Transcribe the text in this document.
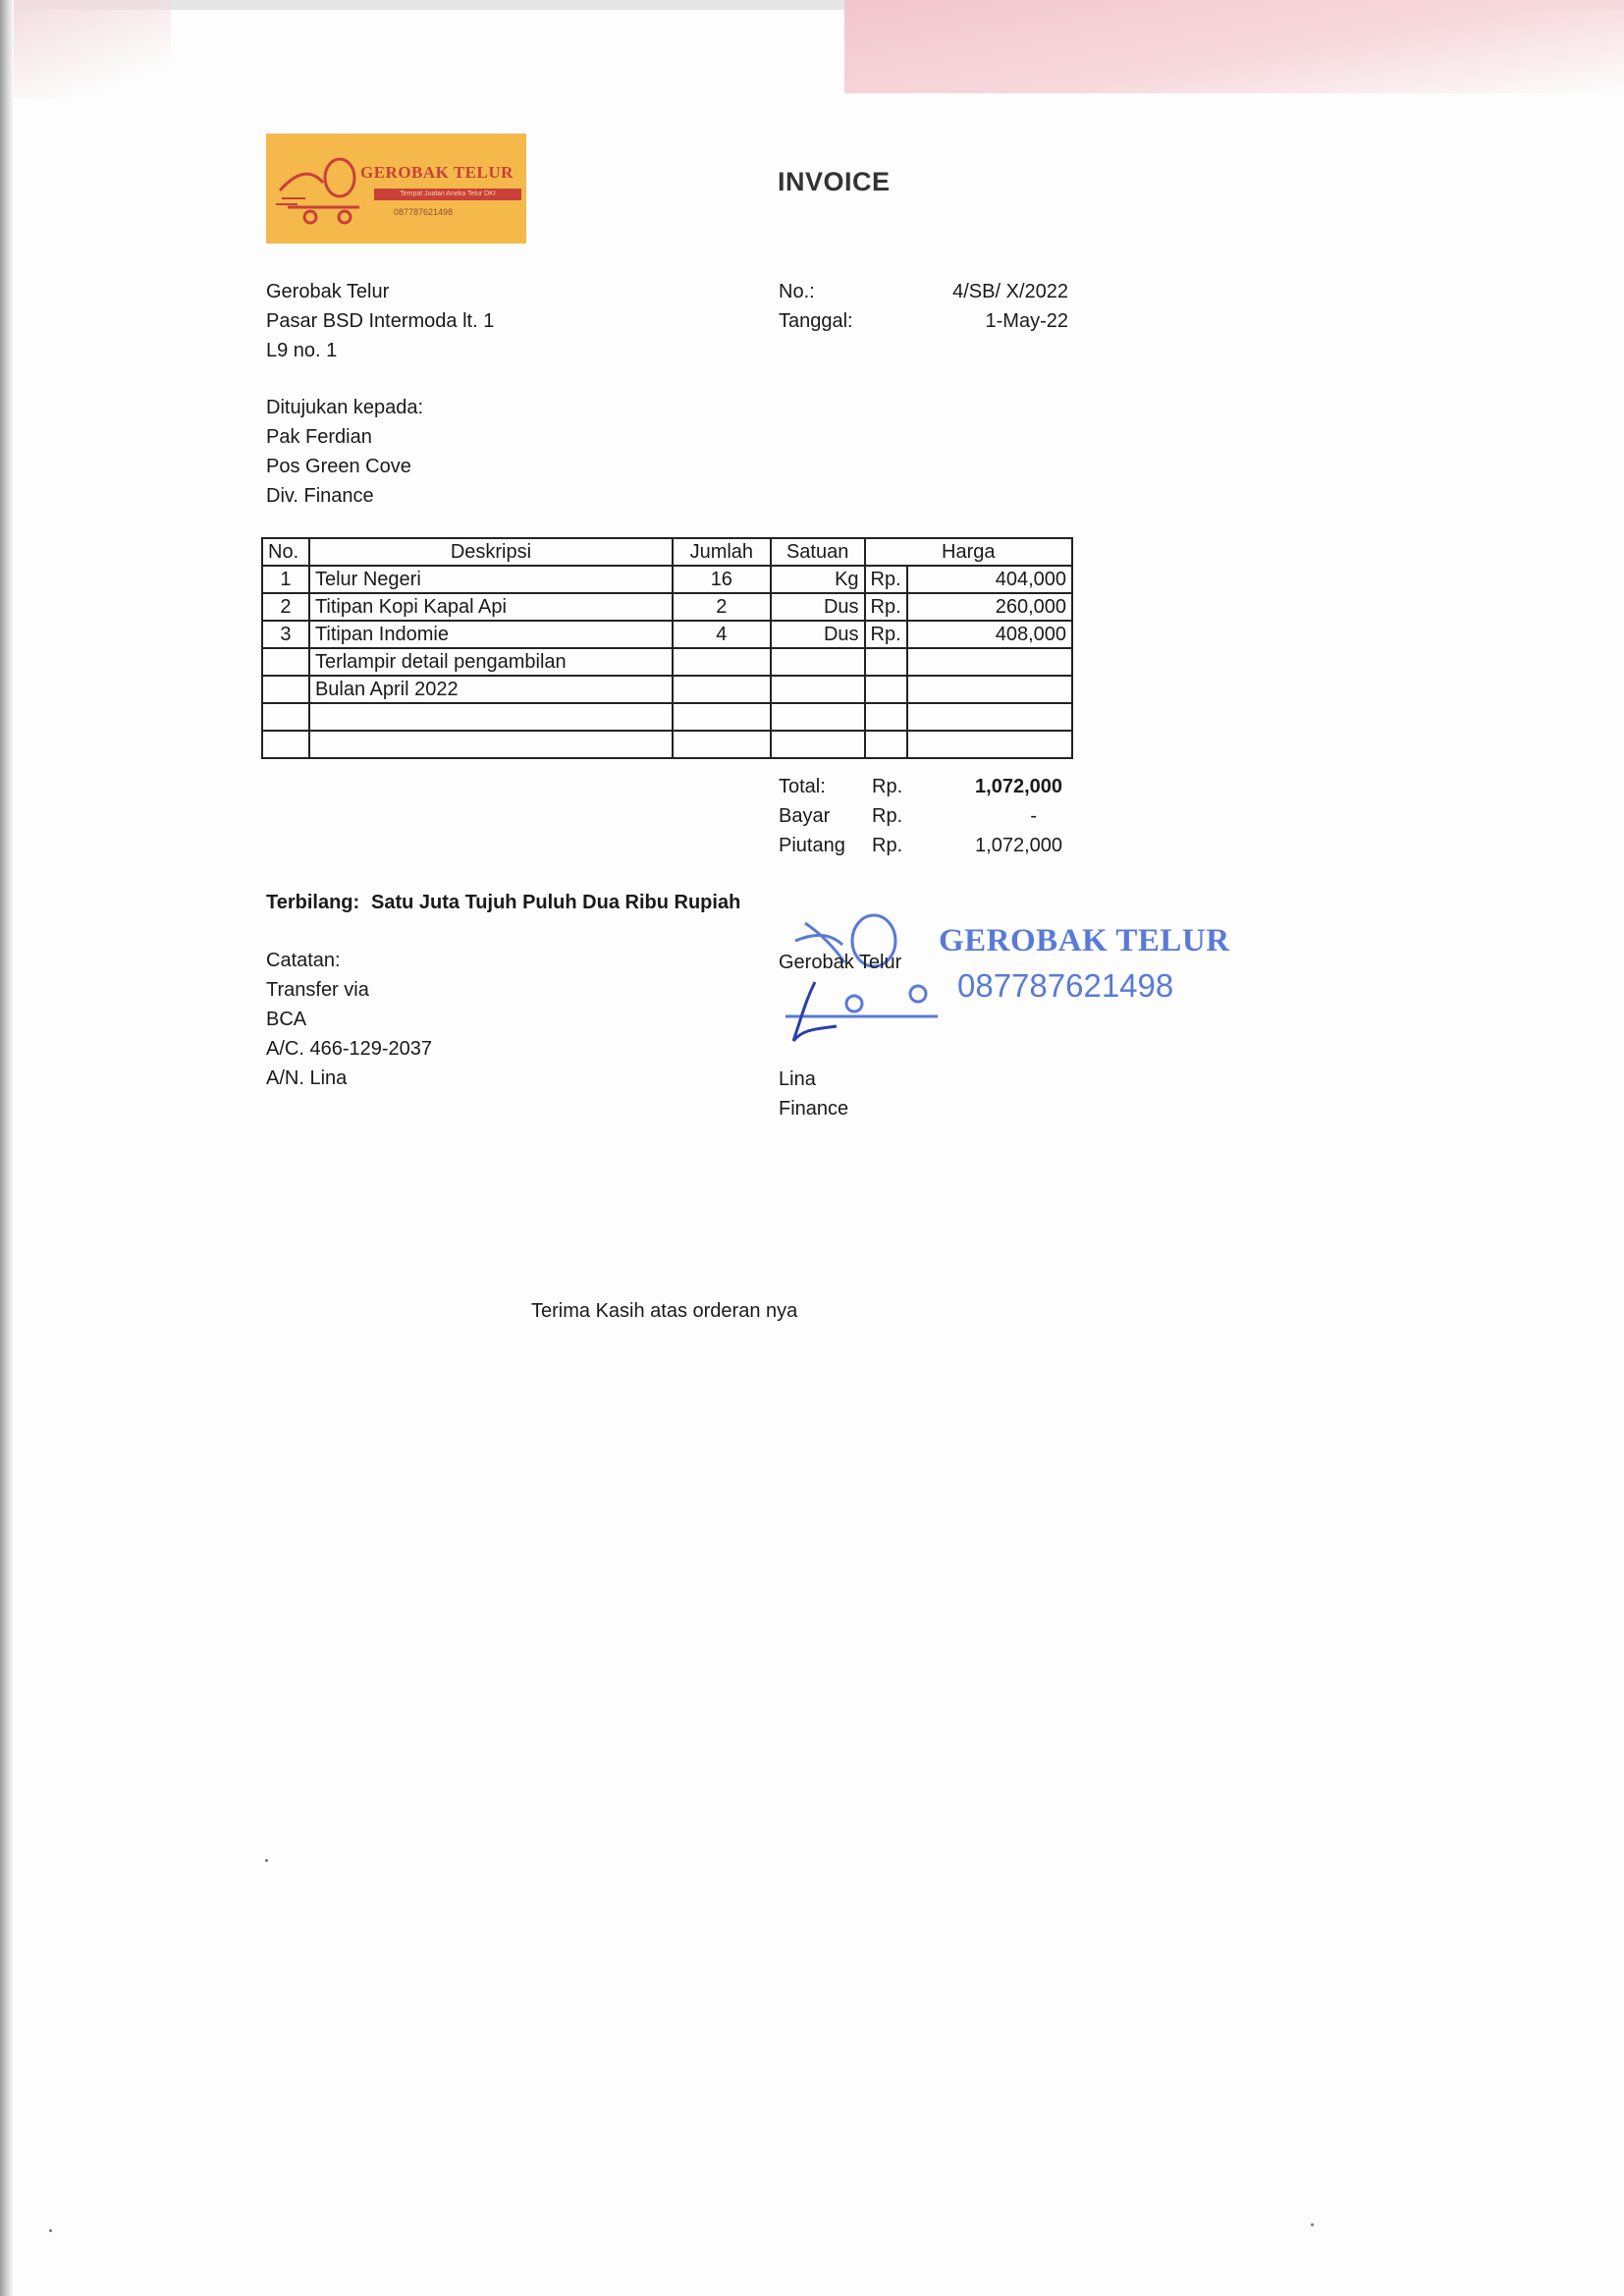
GEROBAK TELUR
Tempat Jualan Aneka Telur DKI
087787621498
INVOICE
Gerobak Telur
Pasar BSD Intermoda lt. 1
L9 no. 1
No.:	4/SB/ X/2022
Tanggal:	1-May-22
Ditujukan kepada:
Pak Ferdian
Pos Green Cove
Div. Finance
No.	Deskripsi	Jumlah	Satuan	Harga	
1	Telur Negeri	16	Kg	Rp.	404,000
2	Titipan Kopi Kapal Api	2	Dus	Rp.	260,000
3	Titipan Indomie	4	Dus	Rp.	408,000
	Terlampir detail pengambilan				
	Bulan April 2022				

Total: Rp.	1,072,000
Bayar Rp.	-
Piutang Rp.	1,072,000
Terbilang: Satu Juta Tujuh Puluh Dua Ribu Rupiah
Catatan:
Transfer via
BCA
A/C. 466-129-2037
A/N. Lina
Gerobak Telur
GEROBAK TELUR
087787621498
Lina
Finance
Terima Kasih atas orderan nya
